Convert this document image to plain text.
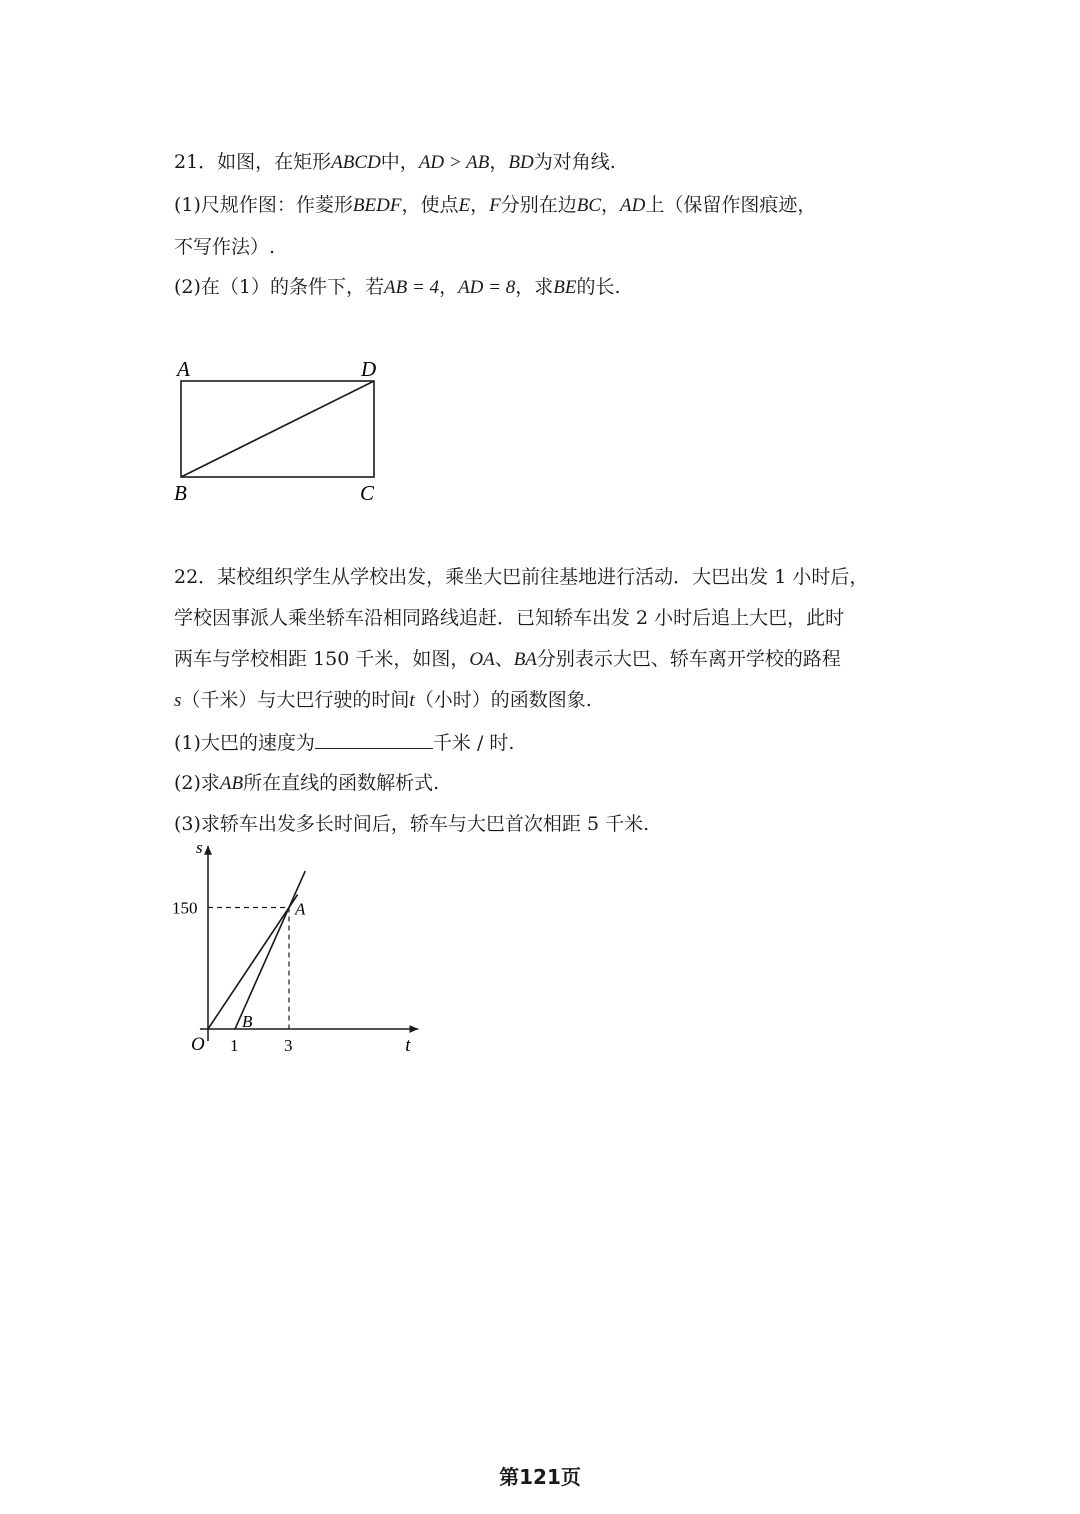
21．如图，在矩形ABCD中，AD > AB，BD为对角线.
(1)尺规作图：作菱形BEDF，使点E，F分别在边BC，AD上（保留作图痕迹，
不写作法）.
(2)在（1）的条件下，若AB = 4，AD = 8，求BE的长.
A	D
B	C
22．某校组织学生从学校出发，乘坐大巴前往基地进行活动．大巴出发 1 小时后，
学校因事派人乘坐轿车沿相同路线追赶．已知轿车出发 2 小时后追上大巴，此时
两车与学校相距 150 千米，如图，OA、BA分别表示大巴、轿车离开学校的路程
s（千米）与大巴行驶的时间t（小时）的函数图象.
(1)大巴的速度为	千米 / 时.
(2)求AB所在直线的函数解析式.
(3)求轿车出发多长时间后，轿车与大巴首次相距 5 千米.
s
t
O 1	3
150	A
B
第121页
